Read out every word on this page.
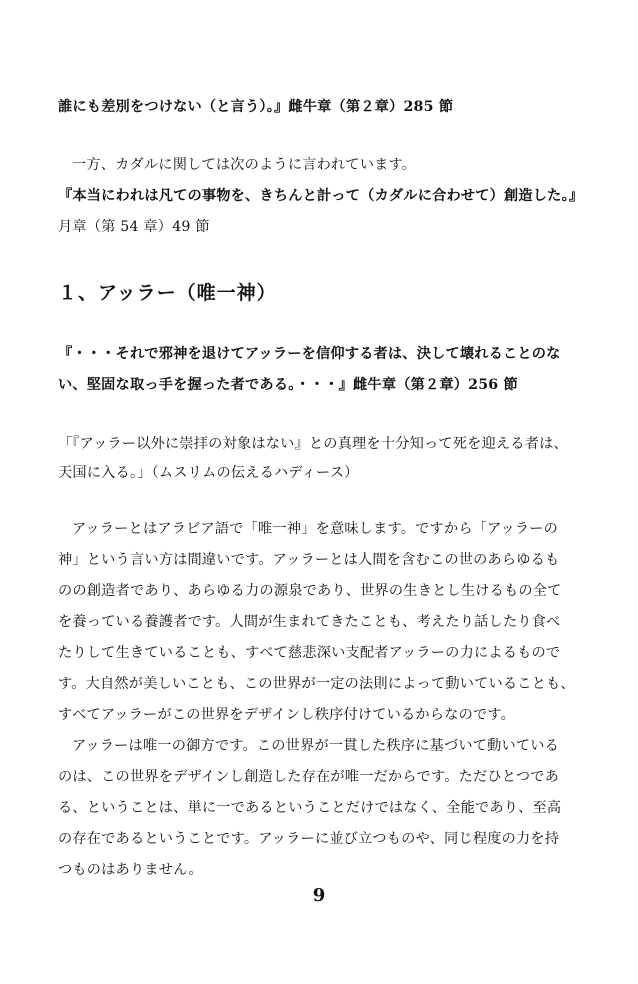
誰にも差別をつけない（と言う）。』雌牛章（第２章）285 節
一方、カダルに関しては次のように言われています。
『本当にわれは凡ての事物を、きちんと計って（カダルに合わせて）創造した。』
月章（第 54 章）49 節
１、アッラー（唯一神）
『・・・それで邪神を退けてアッラーを信仰する者は、決して壊れることのな
い、堅固な取っ手を握った者である。・・・』雌牛章（第２章）256 節
「『アッラー以外に崇拝の対象はない』との真理を十分知って死を迎える者は、
天国に入る。」（ムスリムの伝えるハディース）
アッラーとはアラビア語で「唯一神」を意味します。ですから「アッラーの
神」という言い方は間違いです。アッラーとは人間を含むこの世のあらゆるも
のの創造者であり、あらゆる力の源泉であり、世界の生きとし生けるもの全て
を養っている養護者です。人間が生まれてきたことも、考えたり話したり食べ
たりして生きていることも、すべて慈悲深い支配者アッラーの力によるもので
す。大自然が美しいことも、この世界が一定の法則によって動いていることも、
すべてアッラーがこの世界をデザインし秩序付けているからなのです。
アッラーは唯一の御方です。この世界が一貫した秩序に基づいて動いている
のは、この世界をデザインし創造した存在が唯一だからです。ただひとつであ
る、ということは、単に一であるということだけではなく、全能であり、至高
の存在であるということです。アッラーに並び立つものや、同じ程度の力を持
つものはありません。
9
